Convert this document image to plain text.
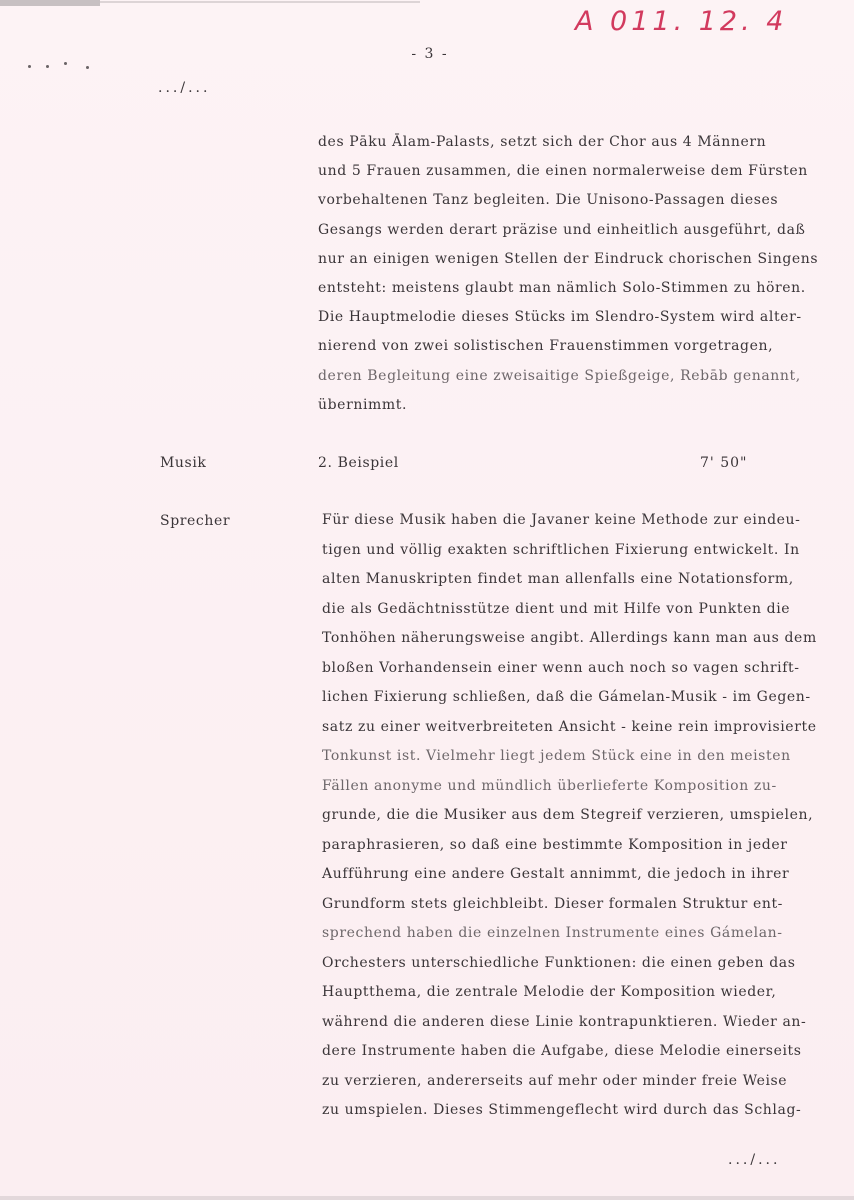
A 011. 12. 4
- 3 -
.../...
des Pāku Ālam-Palasts, setzt sich der Chor aus 4 Männern
und 5 Frauen zusammen, die einen normalerweise dem Fürsten
vorbehaltenen Tanz begleiten. Die Unisono-Passagen dieses
Gesangs werden derart präzise und einheitlich ausgeführt, daß
nur an einigen wenigen Stellen der Eindruck chorischen Singens
entsteht: meistens glaubt man nämlich Solo-Stimmen zu hören.
Die Hauptmelodie dieses Stücks im Slendro-System wird alter-
nierend von zwei solistischen Frauenstimmen vorgetragen,
deren Begleitung eine zweisaitige Spießgeige, Rebāb genannt,
übernimmt.
Musik	2. Beispiel	7' 50"
Sprecher	Für diese Musik haben die Javaner keine Methode zur eindeu-
tigen und völlig exakten schriftlichen Fixierung entwickelt. In
alten Manuskripten findet man allenfalls eine Notationsform,
die als Gedächtnisstütze dient und mit Hilfe von Punkten die
Tonhöhen näherungsweise angibt. Allerdings kann man aus dem
bloßen Vorhandensein einer wenn auch noch so vagen schrift-
lichen Fixierung schließen, daß die Gámelan-Musik - im Gegen-
satz zu einer weitverbreiteten Ansicht - keine rein improvisierte
Tonkunst ist. Vielmehr liegt jedem Stück eine in den meisten
Fällen anonyme und mündlich überlieferte Komposition zu-
grunde, die die Musiker aus dem Stegreif verzieren, umspielen,
paraphrasieren, so daß eine bestimmte Komposition in jeder
Aufführung eine andere Gestalt annimmt, die jedoch in ihrer
Grundform stets gleichbleibt. Dieser formalen Struktur ent-
sprechend haben die einzelnen Instrumente eines Gámelan-
Orchesters unterschiedliche Funktionen: die einen geben das
Hauptthema, die zentrale Melodie der Komposition wieder,
während die anderen diese Linie kontrapunktieren. Wieder an-
dere Instrumente haben die Aufgabe, diese Melodie einerseits
zu verzieren, andererseits auf mehr oder minder freie Weise
zu umspielen. Dieses Stimmengeflecht wird durch das Schlag-
.../...
